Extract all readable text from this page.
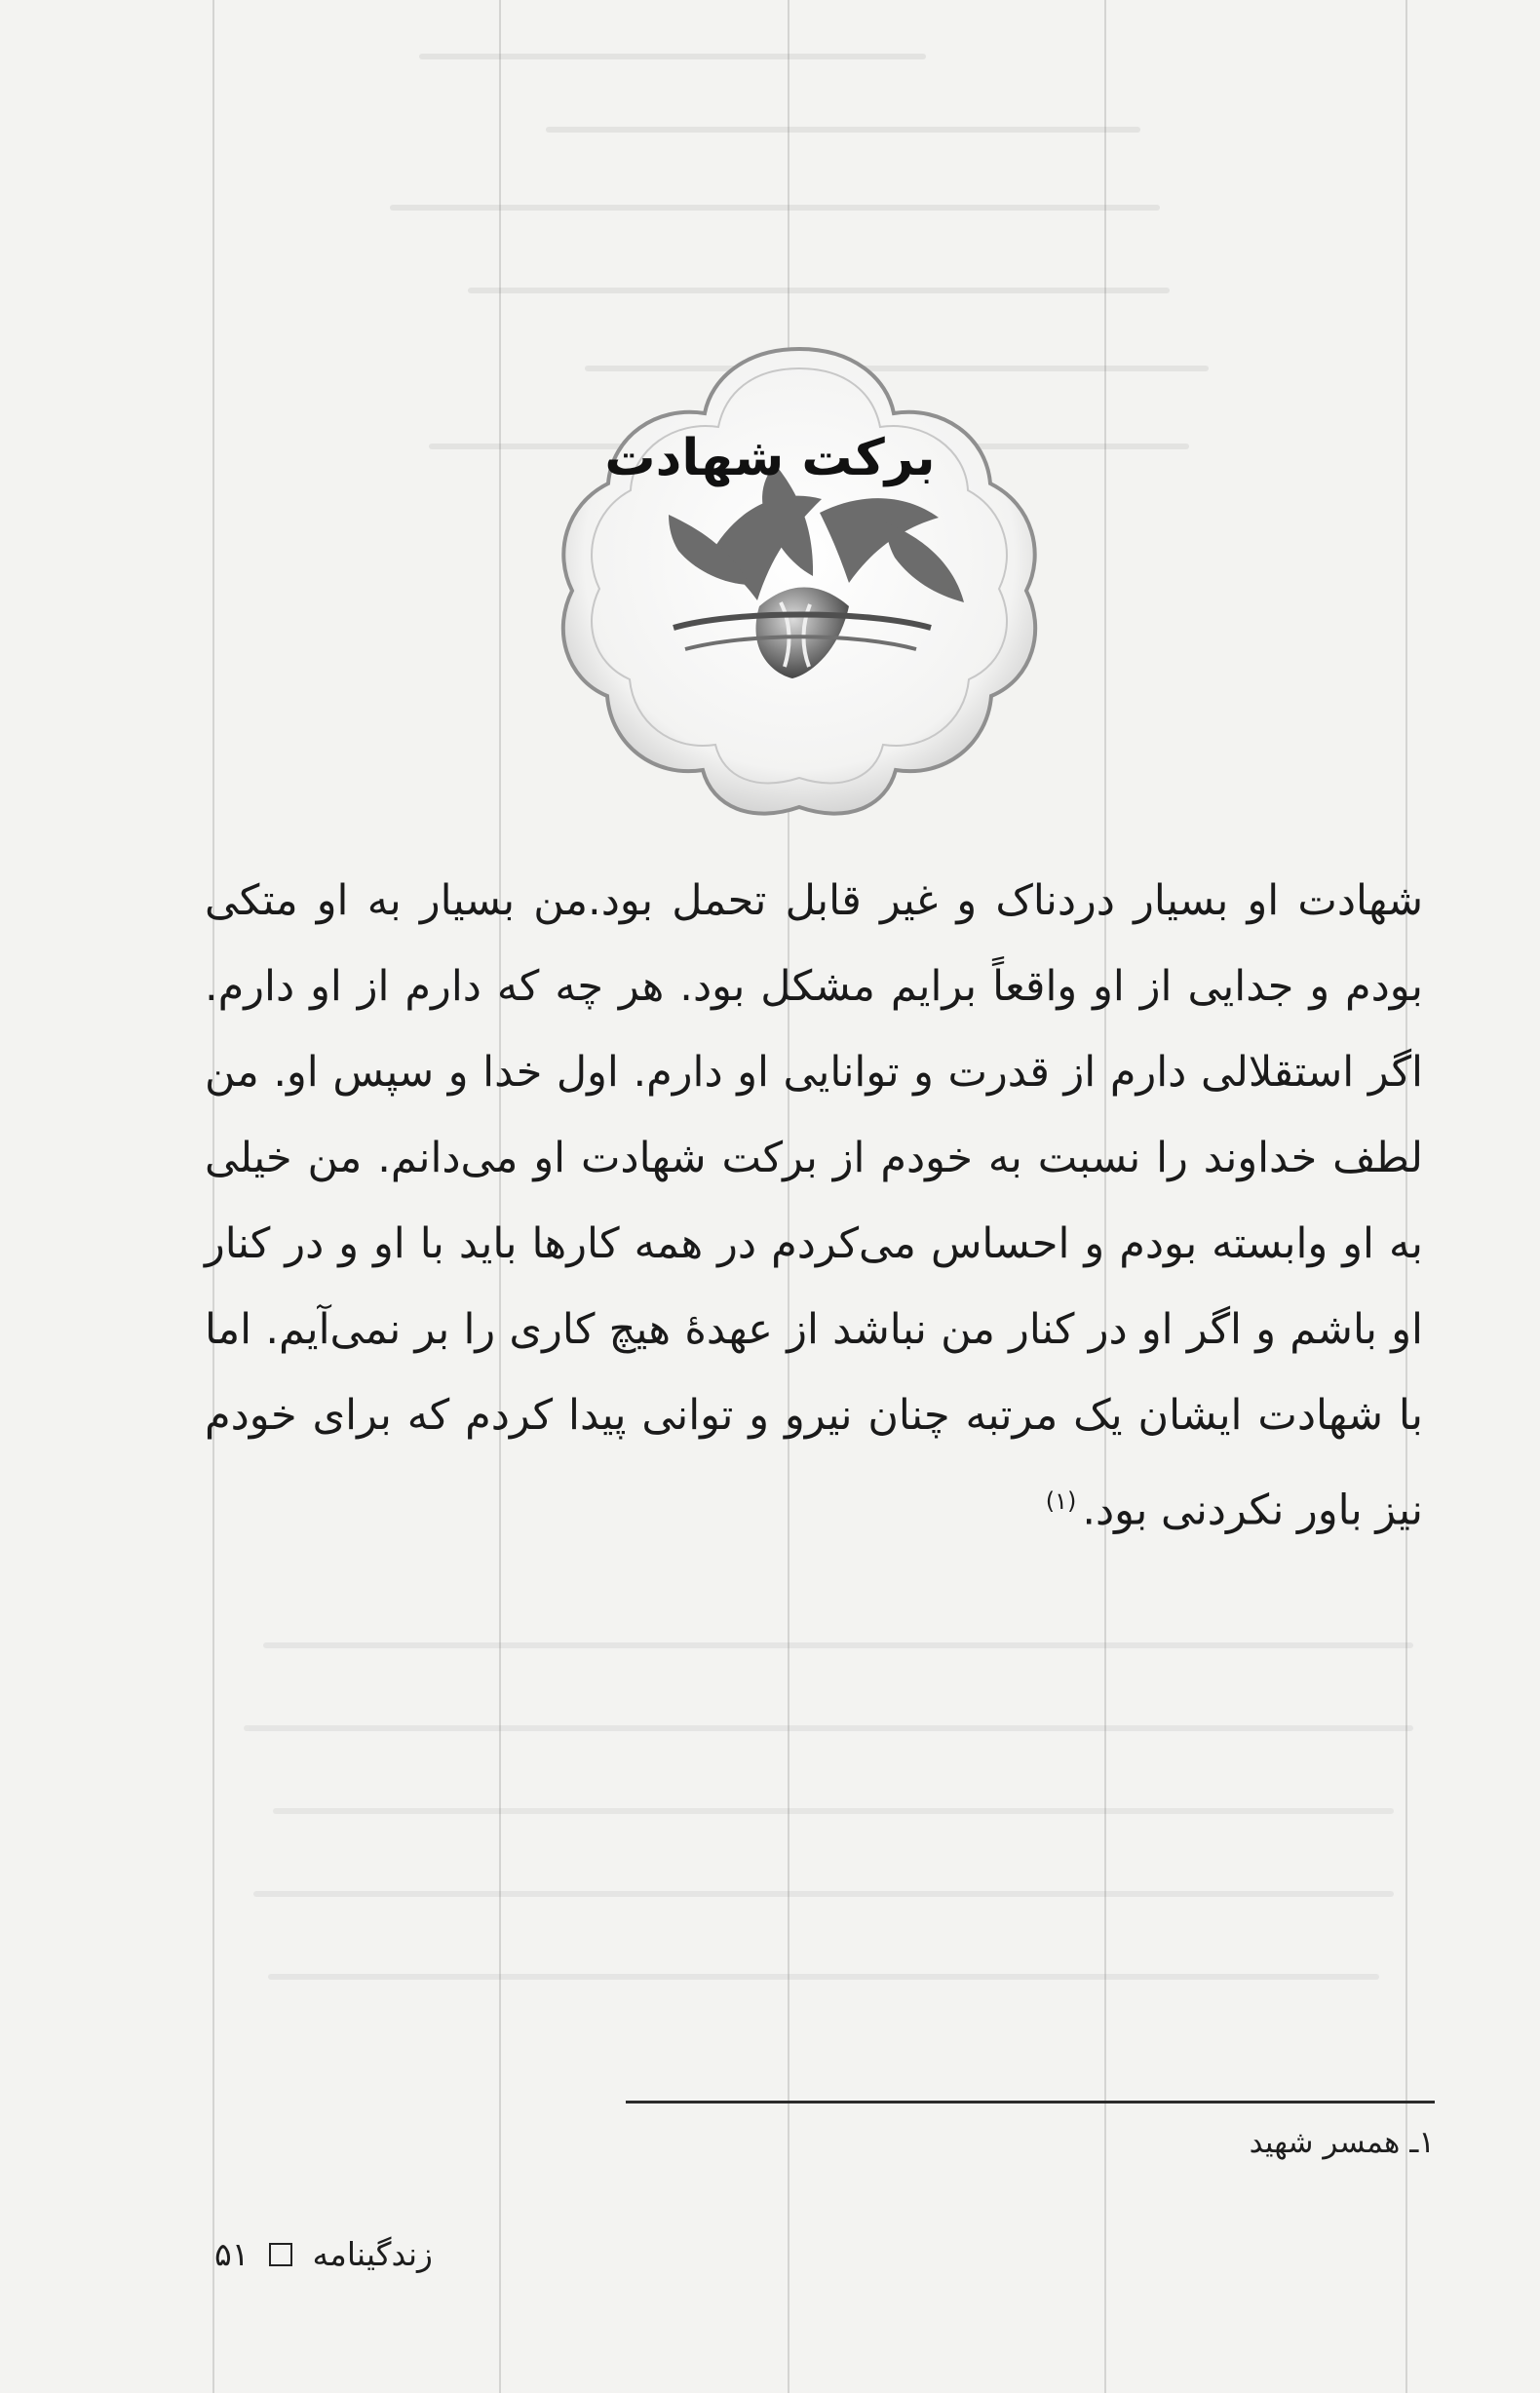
برکت شهادت
شهادت او بسیار دردناک و غیر قابل تحمل بود.من بسیار به او متکی بودم و جدایی از او واقعاً برایم مشکل بود. هر چه که دارم از او دارم. اگر استقلالی دارم از قدرت و توانایی او دارم. اول خدا و سپس او. من لطف خداوند را نسبت به خودم از برکت شهادت او می‌دانم. من خیلی به او وابسته بودم و احساس می‌کردم در همه کارها باید با او و در کنار او باشم و اگر او در کنار من نباشد از عهدۀ هیچ کاری را بر نمی‌آیم. اما با شهادت ایشان یک مرتبه چنان نیرو و توانی پیدا کردم که برای خودم نیز باور نکردنی بود.$^{(۱)}$
۱ـ همسر شهید
زندگینامه  ۵۱
